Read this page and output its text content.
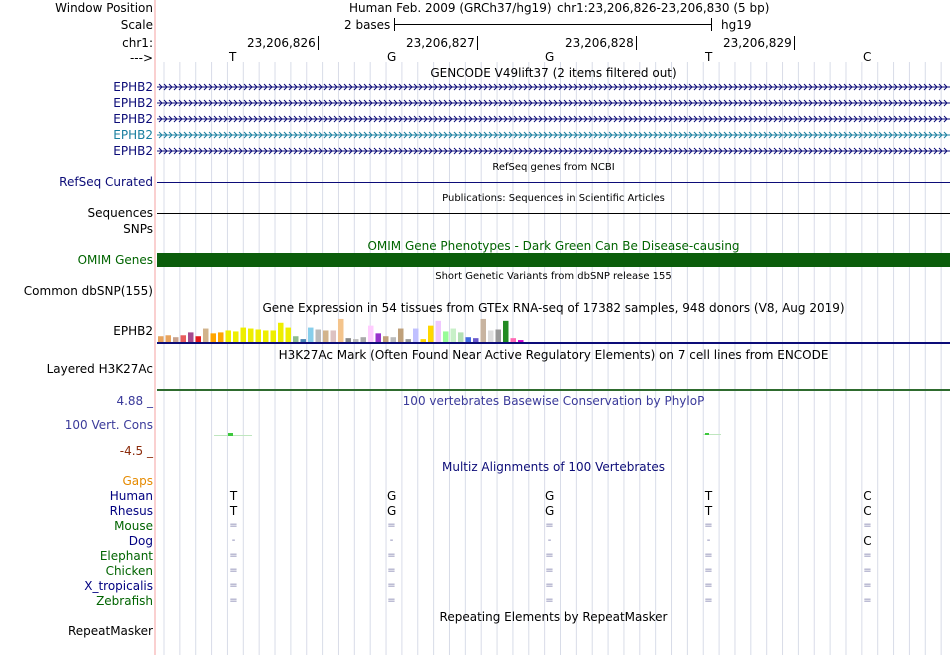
Window Position	Human Feb. 2009 (GRCh37/hg19) chr1:23,206,826-23,206,830 (5 bp)
Scale	2 bases	hg19
chr1:	23,206,826	23,206,827	23,206,828	23,206,829
--->	T	G	G	T	C
GENCODE V49lift37 (2 items filtered out)
EPHB2
EPHB2
EPHB2
EPHB2
EPHB2
RefSeq genes from NCBI
RefSeq Curated
Publications: Sequences in Scientific Articles
Sequences
SNPs
OMIM Gene Phenotypes - Dark Green Can Be Disease-causing
OMIM Genes
Short Genetic Variants from dbSNP release 155
Common dbSNP(155)
Gene Expression in 54 tissues from GTEx RNA-seq of 17382 samples, 948 donors (V8, Aug 2019)
EPHB2
H3K27Ac Mark (Often Found Near Active Regulatory Elements) on 7 cell lines from ENCODE
Layered H3K27Ac
100 vertebrates Basewise Conservation by PhyloP
4.88 _
100 Vert. Cons
-4.5 _
Multiz Alignments of 100 Vertebrates
Gaps
Human	T	G	G	T	C
Rhesus	T	G	G	T	C
Mouse	=	=	=	=	=
Dog	-	-	-	-	C
Elephant	=	=	=	=	=
Chicken	=	=	=	=	=
X_tropicalis	=	=	=	=	=
Zebrafish	=	=	=	=	=
Repeating Elements by RepeatMasker
RepeatMasker
